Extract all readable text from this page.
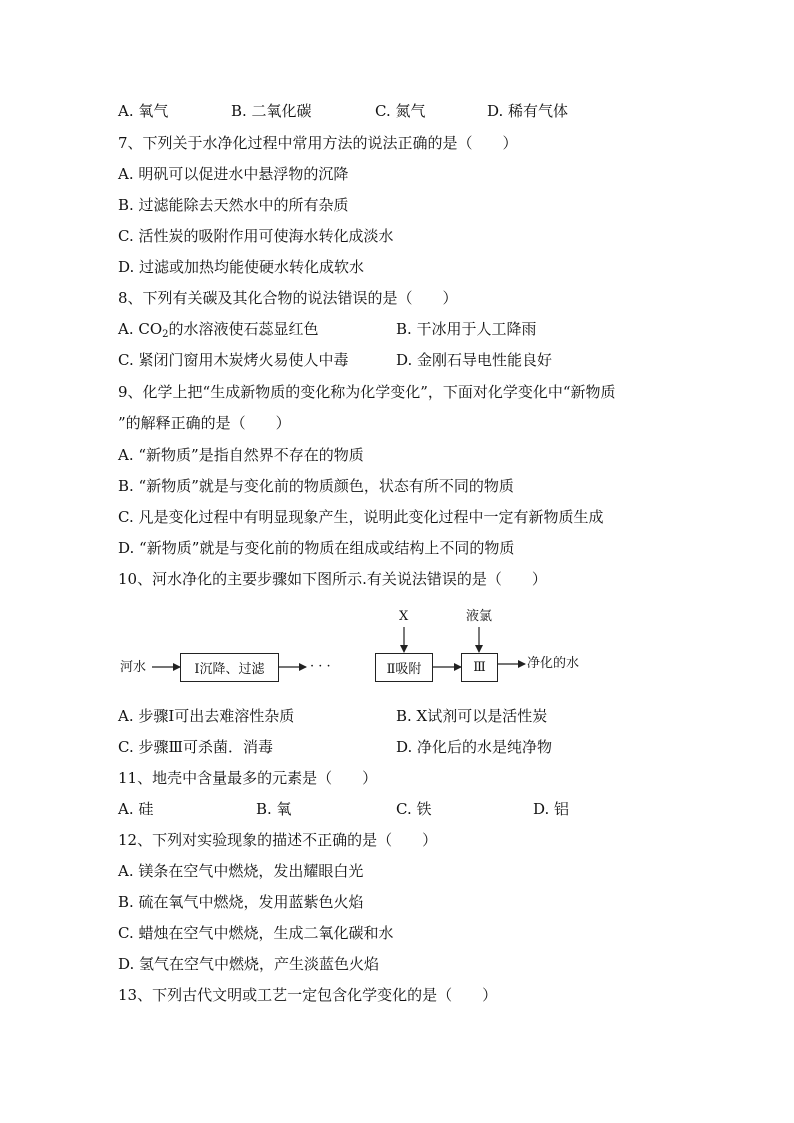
A. 氧气	B. 二氧化碳	C. 氮气	D. 稀有气体
7、下列关于水净化过程中常用方法的说法正确的是（　　）
A. 明矾可以促进水中悬浮物的沉降
B. 过滤能除去天然水中的所有杂质
C. 活性炭的吸附作用可使海水转化成淡水
D. 过滤或加热均能使硬水转化成软水
8、下列有关碳及其化合物的说法错误的是（　　）
A. $CO_2$的水溶液使石蕊显红色	B. 干冰用于人工降雨
C. 紧闭门窗用木炭烤火易使人中毒	D. 金刚石导电性能良好
9、化学上把“生成新物质的变化称为化学变化”，下面对化学变化中“新物质
”的解释正确的是（　　）
A. “新物质”是指自然界不存在的物质
B. “新物质”就是与变化前的物质颜色，状态有所不同的物质
C. 凡是变化过程中有明显现象产生，说明此变化过程中一定有新物质生成
D. “新物质”就是与变化前的物质在组成或结构上不同的物质
10、河水净化的主要步骤如下图所示.有关说法错误的是（　　）
河水	Ⅰ沉降、过滤	· · ·	Ⅱ吸附	Ⅲ	净化的水
X	液氯
A. 步骤Ⅰ可出去难溶性杂质	B. X试剂可以是活性炭
C. 步骤Ⅲ可杀菌．消毒	D. 净化后的水是纯净物
11、地壳中含量最多的元素是（　　）
A. 硅	B. 氧	C. 铁	D. 铝
12、下列对实验现象的描述不正确的是（　　）
A. 镁条在空气中燃烧，发出耀眼白光
B. 硫在氧气中燃烧，发用蓝紫色火焰
C. 蜡烛在空气中燃烧，生成二氧化碳和水
D. 氢气在空气中燃烧，产生淡蓝色火焰
13、下列古代文明或工艺一定包含化学变化的是（　　）
